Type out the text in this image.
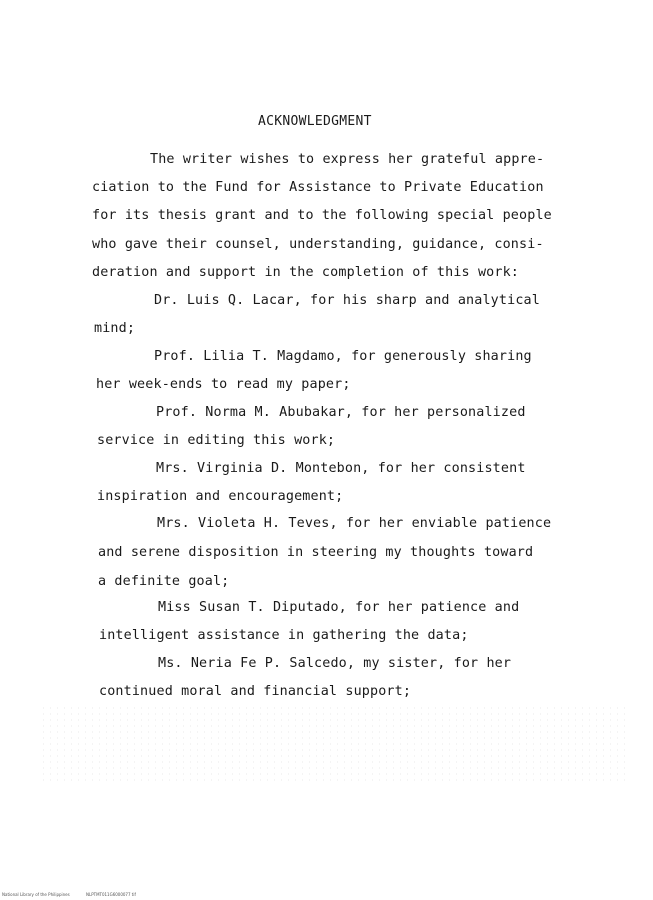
ACKNOWLEDGMENT
The writer wishes to express her grateful appre-
ciation to the Fund for Assistance to Private Education
for its thesis grant and to the following special people
who gave their counsel, understanding, guidance, consi-
deration and support in the completion of this work:
Dr. Luis Q. Lacar, for his sharp and analytical
mind;
Prof. Lilia T. Magdamo, for generously sharing
her week-ends to read my paper;
Prof. Norma M. Abubakar, for her personalized
service in editing this work;
Mrs. Virginia D. Montebon, for her consistent
inspiration and encouragement;
Mrs. Violeta H. Teves, for her enviable patience
and serene disposition in steering my thoughts toward
a definite goal;
Miss Susan T. Diputado, for her patience and
intelligent assistance in gathering the data;
Ms. Neria Fe P. Salcedo, my sister, for her
continued moral and financial support;
National Library of the Philippines	NLPTMT011G6000077 tif
